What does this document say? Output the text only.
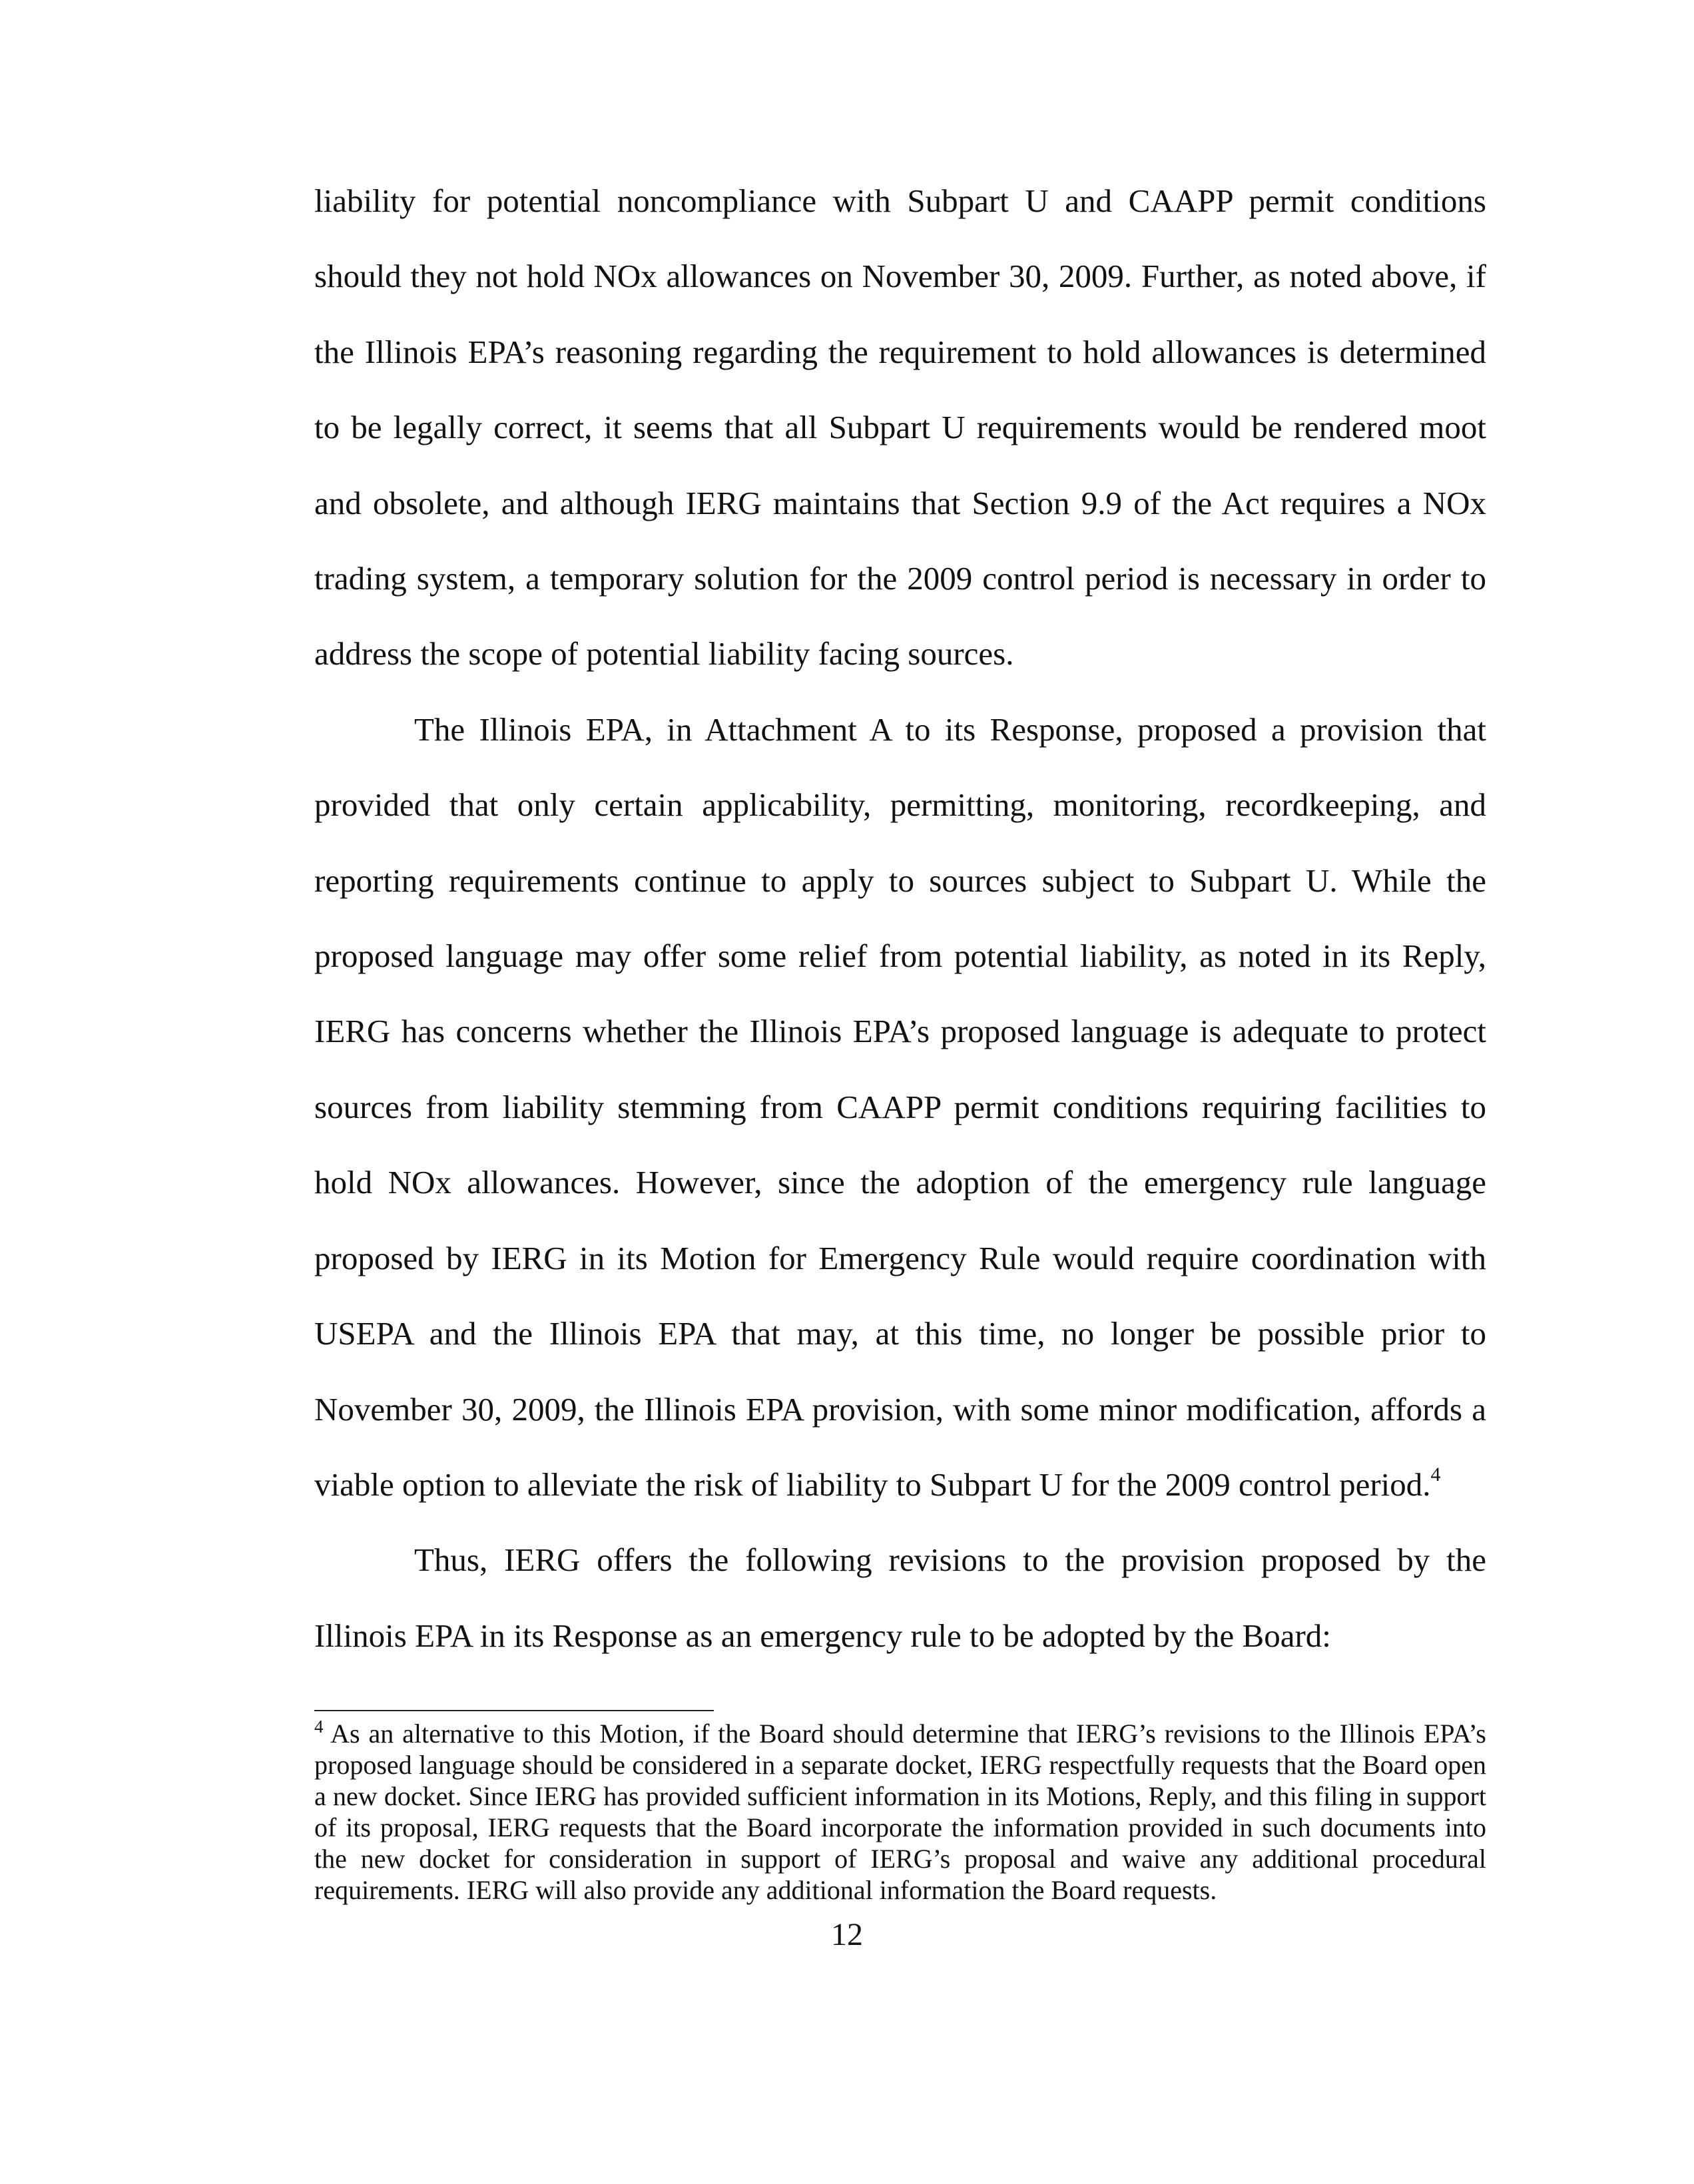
liability for potential noncompliance with Subpart U and CAAPP permit conditions should they not hold NOx allowances on November 30, 2009. Further, as noted above, if the Illinois EPA’s reasoning regarding the requirement to hold allowances is determined to be legally correct, it seems that all Subpart U requirements would be rendered moot and obsolete, and although IERG maintains that Section 9.9 of the Act requires a NOx trading system, a temporary solution for the 2009 control period is necessary in order to address the scope of potential liability facing sources.

The Illinois EPA, in Attachment A to its Response, proposed a provision that provided that only certain applicability, permitting, monitoring, recordkeeping, and reporting requirements continue to apply to sources subject to Subpart U. While the proposed language may offer some relief from potential liability, as noted in its Reply, IERG has concerns whether the Illinois EPA’s proposed language is adequate to protect sources from liability stemming from CAAPP permit conditions requiring facilities to hold NOx allowances. However, since the adoption of the emergency rule language proposed by IERG in its Motion for Emergency Rule would require coordination with USEPA and the Illinois EPA that may, at this time, no longer be possible prior to November 30, 2009, the Illinois EPA provision, with some minor modification, affords a viable option to alleviate the risk of liability to Subpart U for the 2009 control period.$^4$

Thus, IERG offers the following revisions to the provision proposed by the Illinois EPA in its Response as an emergency rule to be adopted by the Board:

$^4$ As an alternative to this Motion, if the Board should determine that IERG’s revisions to the Illinois EPA’s proposed language should be considered in a separate docket, IERG respectfully requests that the Board open a new docket. Since IERG has provided sufficient information in its Motions, Reply, and this filing in support of its proposal, IERG requests that the Board incorporate the information provided in such documents into the new docket for consideration in support of IERG’s proposal and waive any additional procedural requirements. IERG will also provide any additional information the Board requests.

12
